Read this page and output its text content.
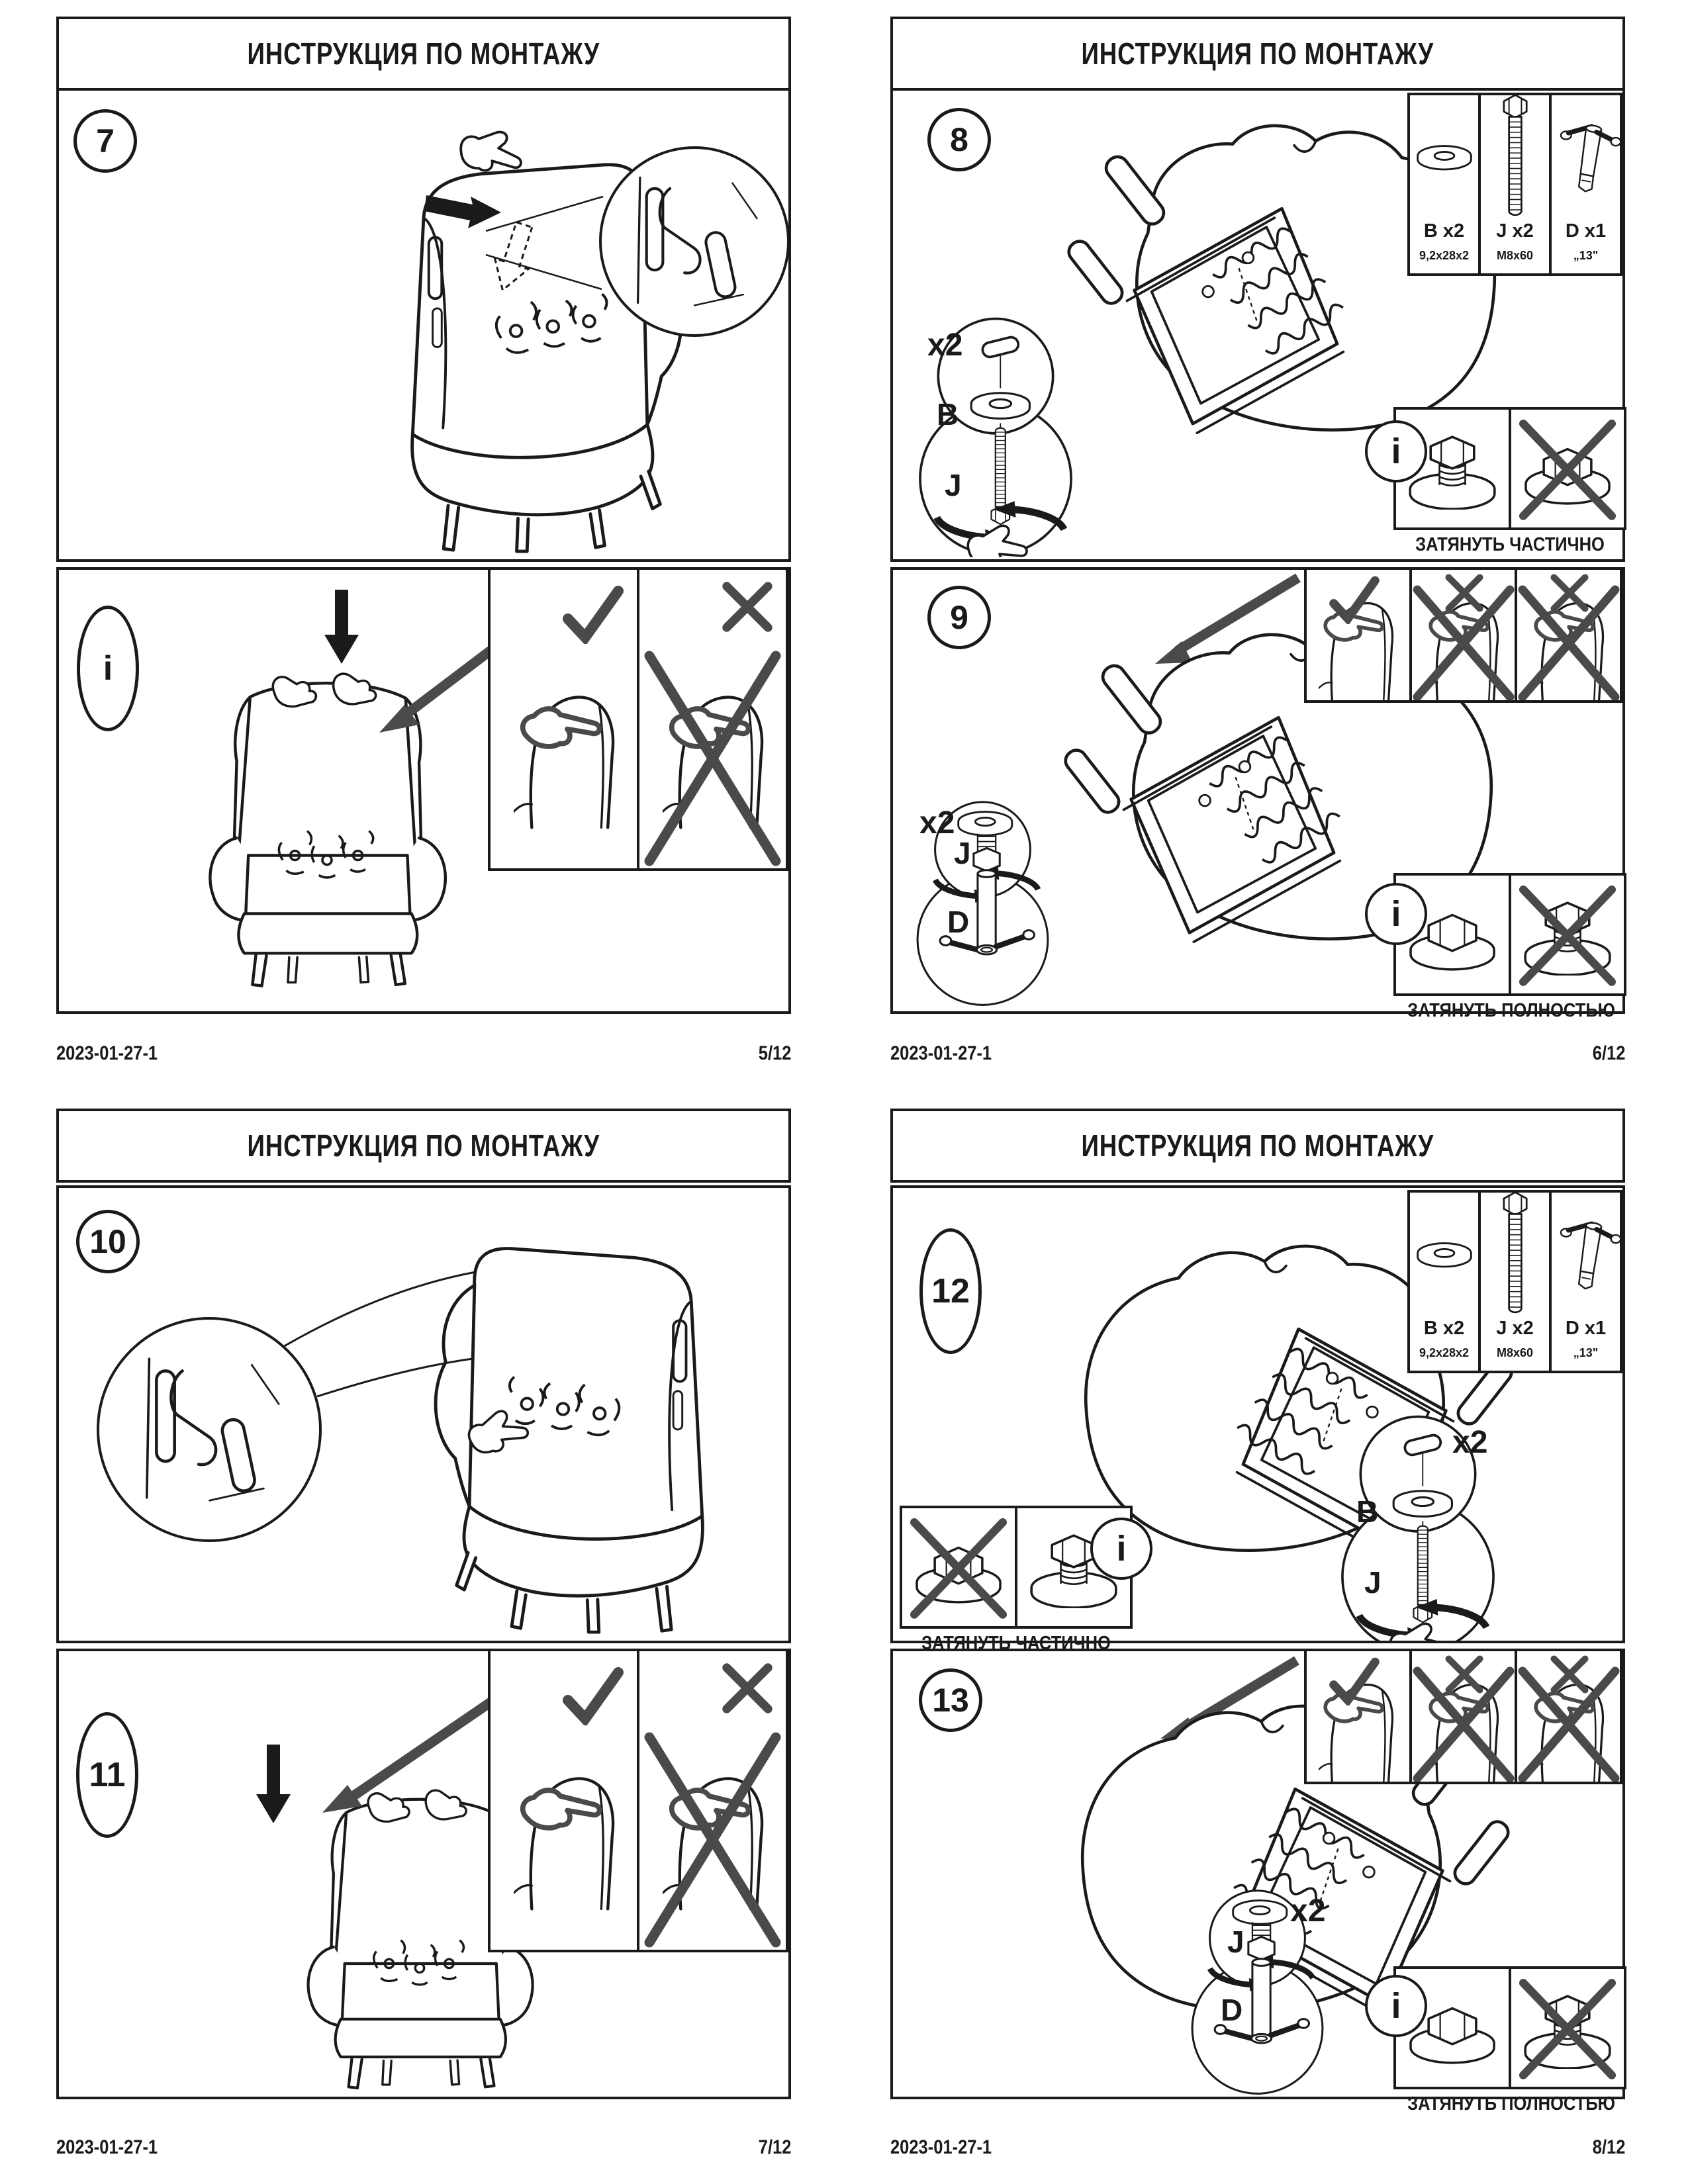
ИНСТРУКЦИЯ ПО МОНТАЖУ
7
i
2023-01-27-1	5/12
ИНСТРУКЦИЯ ПО МОНТАЖУ
8
x2
B
J
B x2
9,2x28x2
J x2
M8x60
D x1
„13"
ЗАТЯНУТЬ ЧАСТИЧНО
i
9
x2
J
D
ЗАТЯНУТЬ ПОЛНОСТЬЮ
i
2023-01-27-1	6/12
ИНСТРУКЦИЯ ПО МОНТАЖУ
10
11
2023-01-27-1	7/12
ИНСТРУКЦИЯ ПО МОНТАЖУ
12
x2
B
J
B x2
9,2x28x2
J x2
M8x60
D x1
„13"
ЗАТЯНУТЬ ЧАСТИЧНО
i
13
x2
J
D
ЗАТЯНУТЬ ПОЛНОСТЬЮ
i
2023-01-27-1	8/12
